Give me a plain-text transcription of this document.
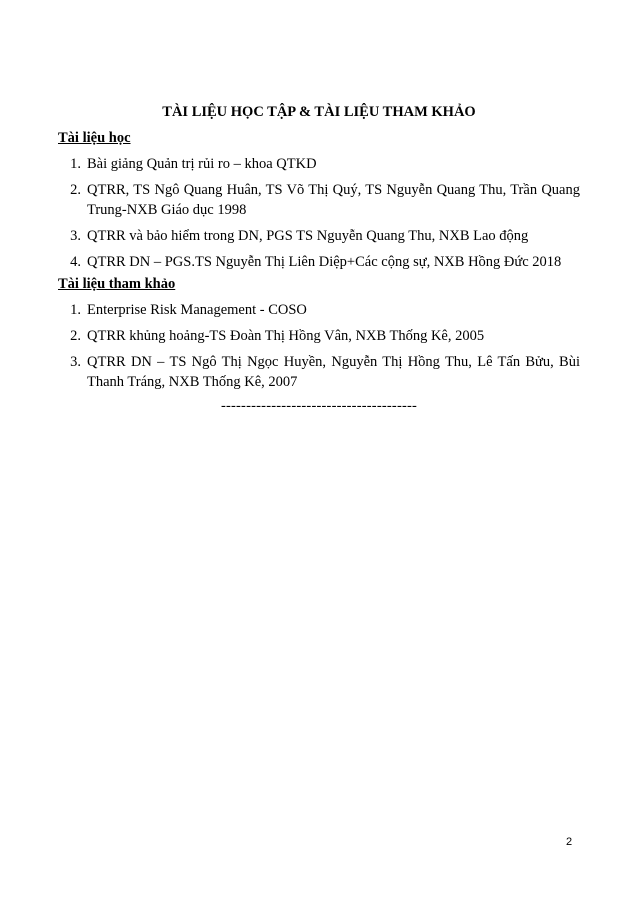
TÀI LIỆU HỌC TẬP & TÀI LIỆU THAM KHẢO
Tài liệu học
1. Bài giảng Quản trị rủi ro – khoa QTKD
2. QTRR, TS Ngô Quang Huân, TS Võ Thị Quý, TS Nguyễn Quang Thu, Trần Quang Trung-NXB Giáo dục 1998
3. QTRR và bảo hiểm trong DN, PGS TS Nguyễn Quang Thu, NXB Lao động
4. QTRR DN – PGS.TS Nguyễn Thị Liên Diệp+Các cộng sự, NXB Hồng Đức 2018
Tài liệu tham khảo
1. Enterprise Risk Management - COSO
2. QTRR khủng hoảng-TS Đoàn Thị Hồng Vân, NXB Thống Kê, 2005
3. QTRR DN – TS Ngô Thị Ngọc Huyền, Nguyễn Thị Hồng Thu, Lê Tấn Bửu, Bùi Thanh Tráng, NXB Thống Kê, 2007
---------------------------------------
2
